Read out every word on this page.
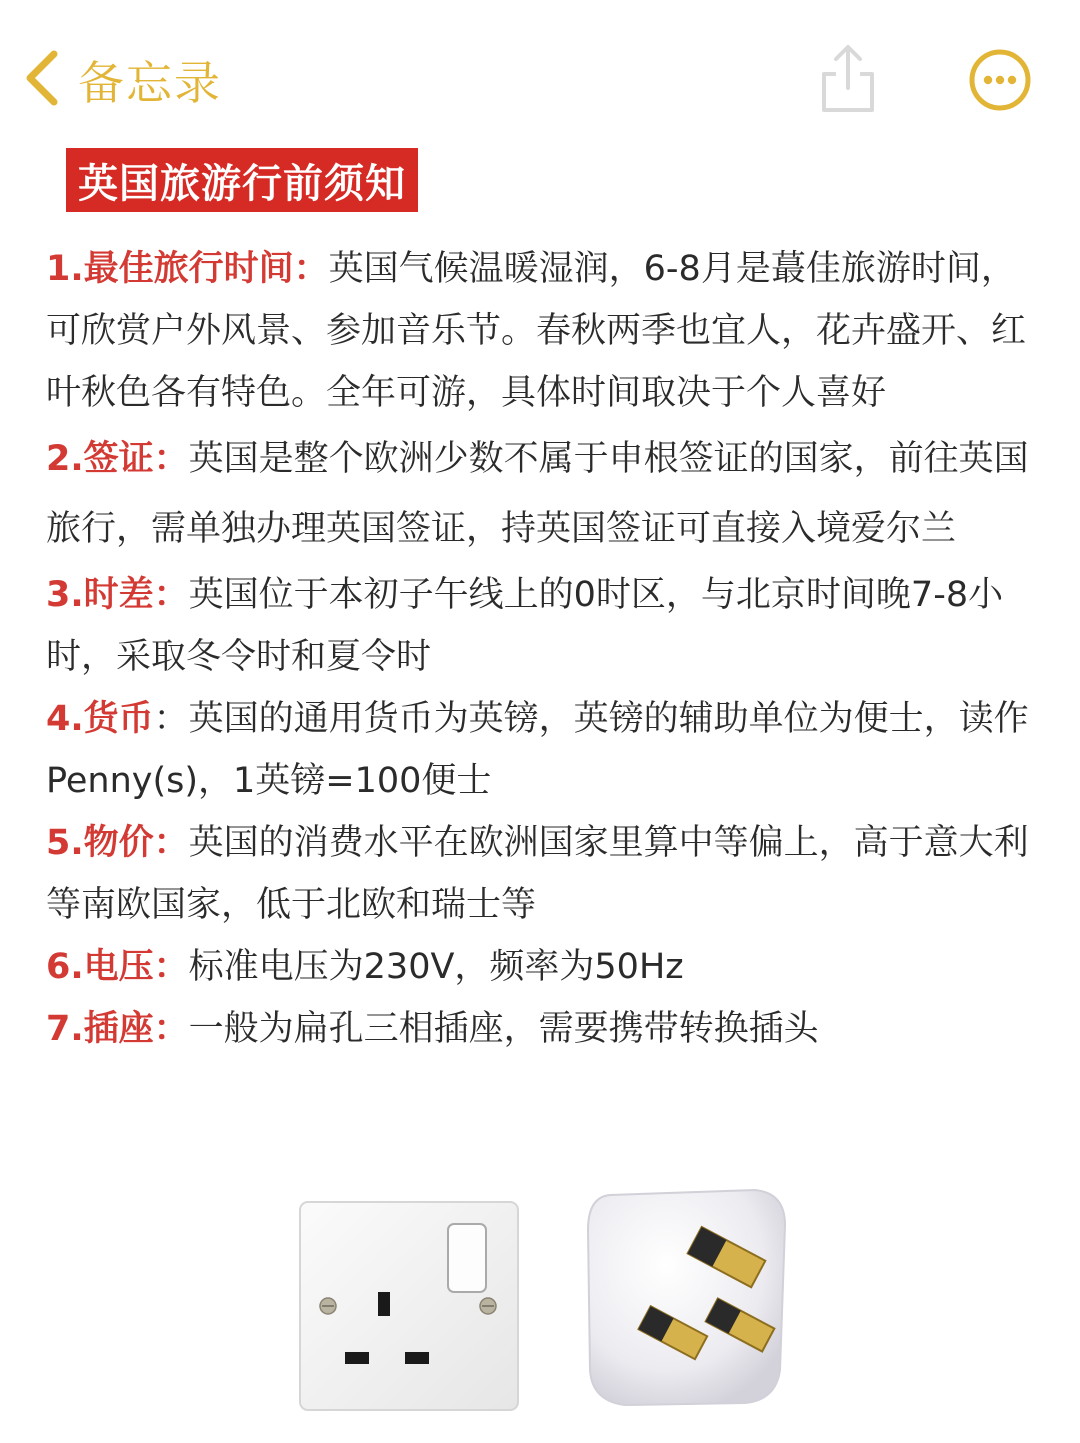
备忘录
英国旅游行前须知
1.最佳旅行时间：英国气候温暖湿润，6-8月是蕞佳旅游时间，可欣赏户外风景、参加音乐节。春秋两季也宜人，花卉盛开、红叶秋色各有特色。全年可游，具体时间取决于个人喜好
2.签证：英国是整个欧洲少数不属于申根签证的国家，前往英国旅行，需单独办理英国签证，持英国签证可直接入境爱尔兰
3.时差：英国位于本初子午线上的0时区，与北京时间晚7-8小时，采取冬令时和夏令时
4.货币：英国的通用货币为英镑，英镑的辅助单位为便士，读作Penny(s)，1英镑=100便士
5.物价：英国的消费水平在欧洲国家里算中等偏上，高于意大利等南欧国家，低于北欧和瑞士等
6.电压：标准电压为230V，频率为50Hz
7.插座：一般为扁孔三相插座，需要携带转换插头
